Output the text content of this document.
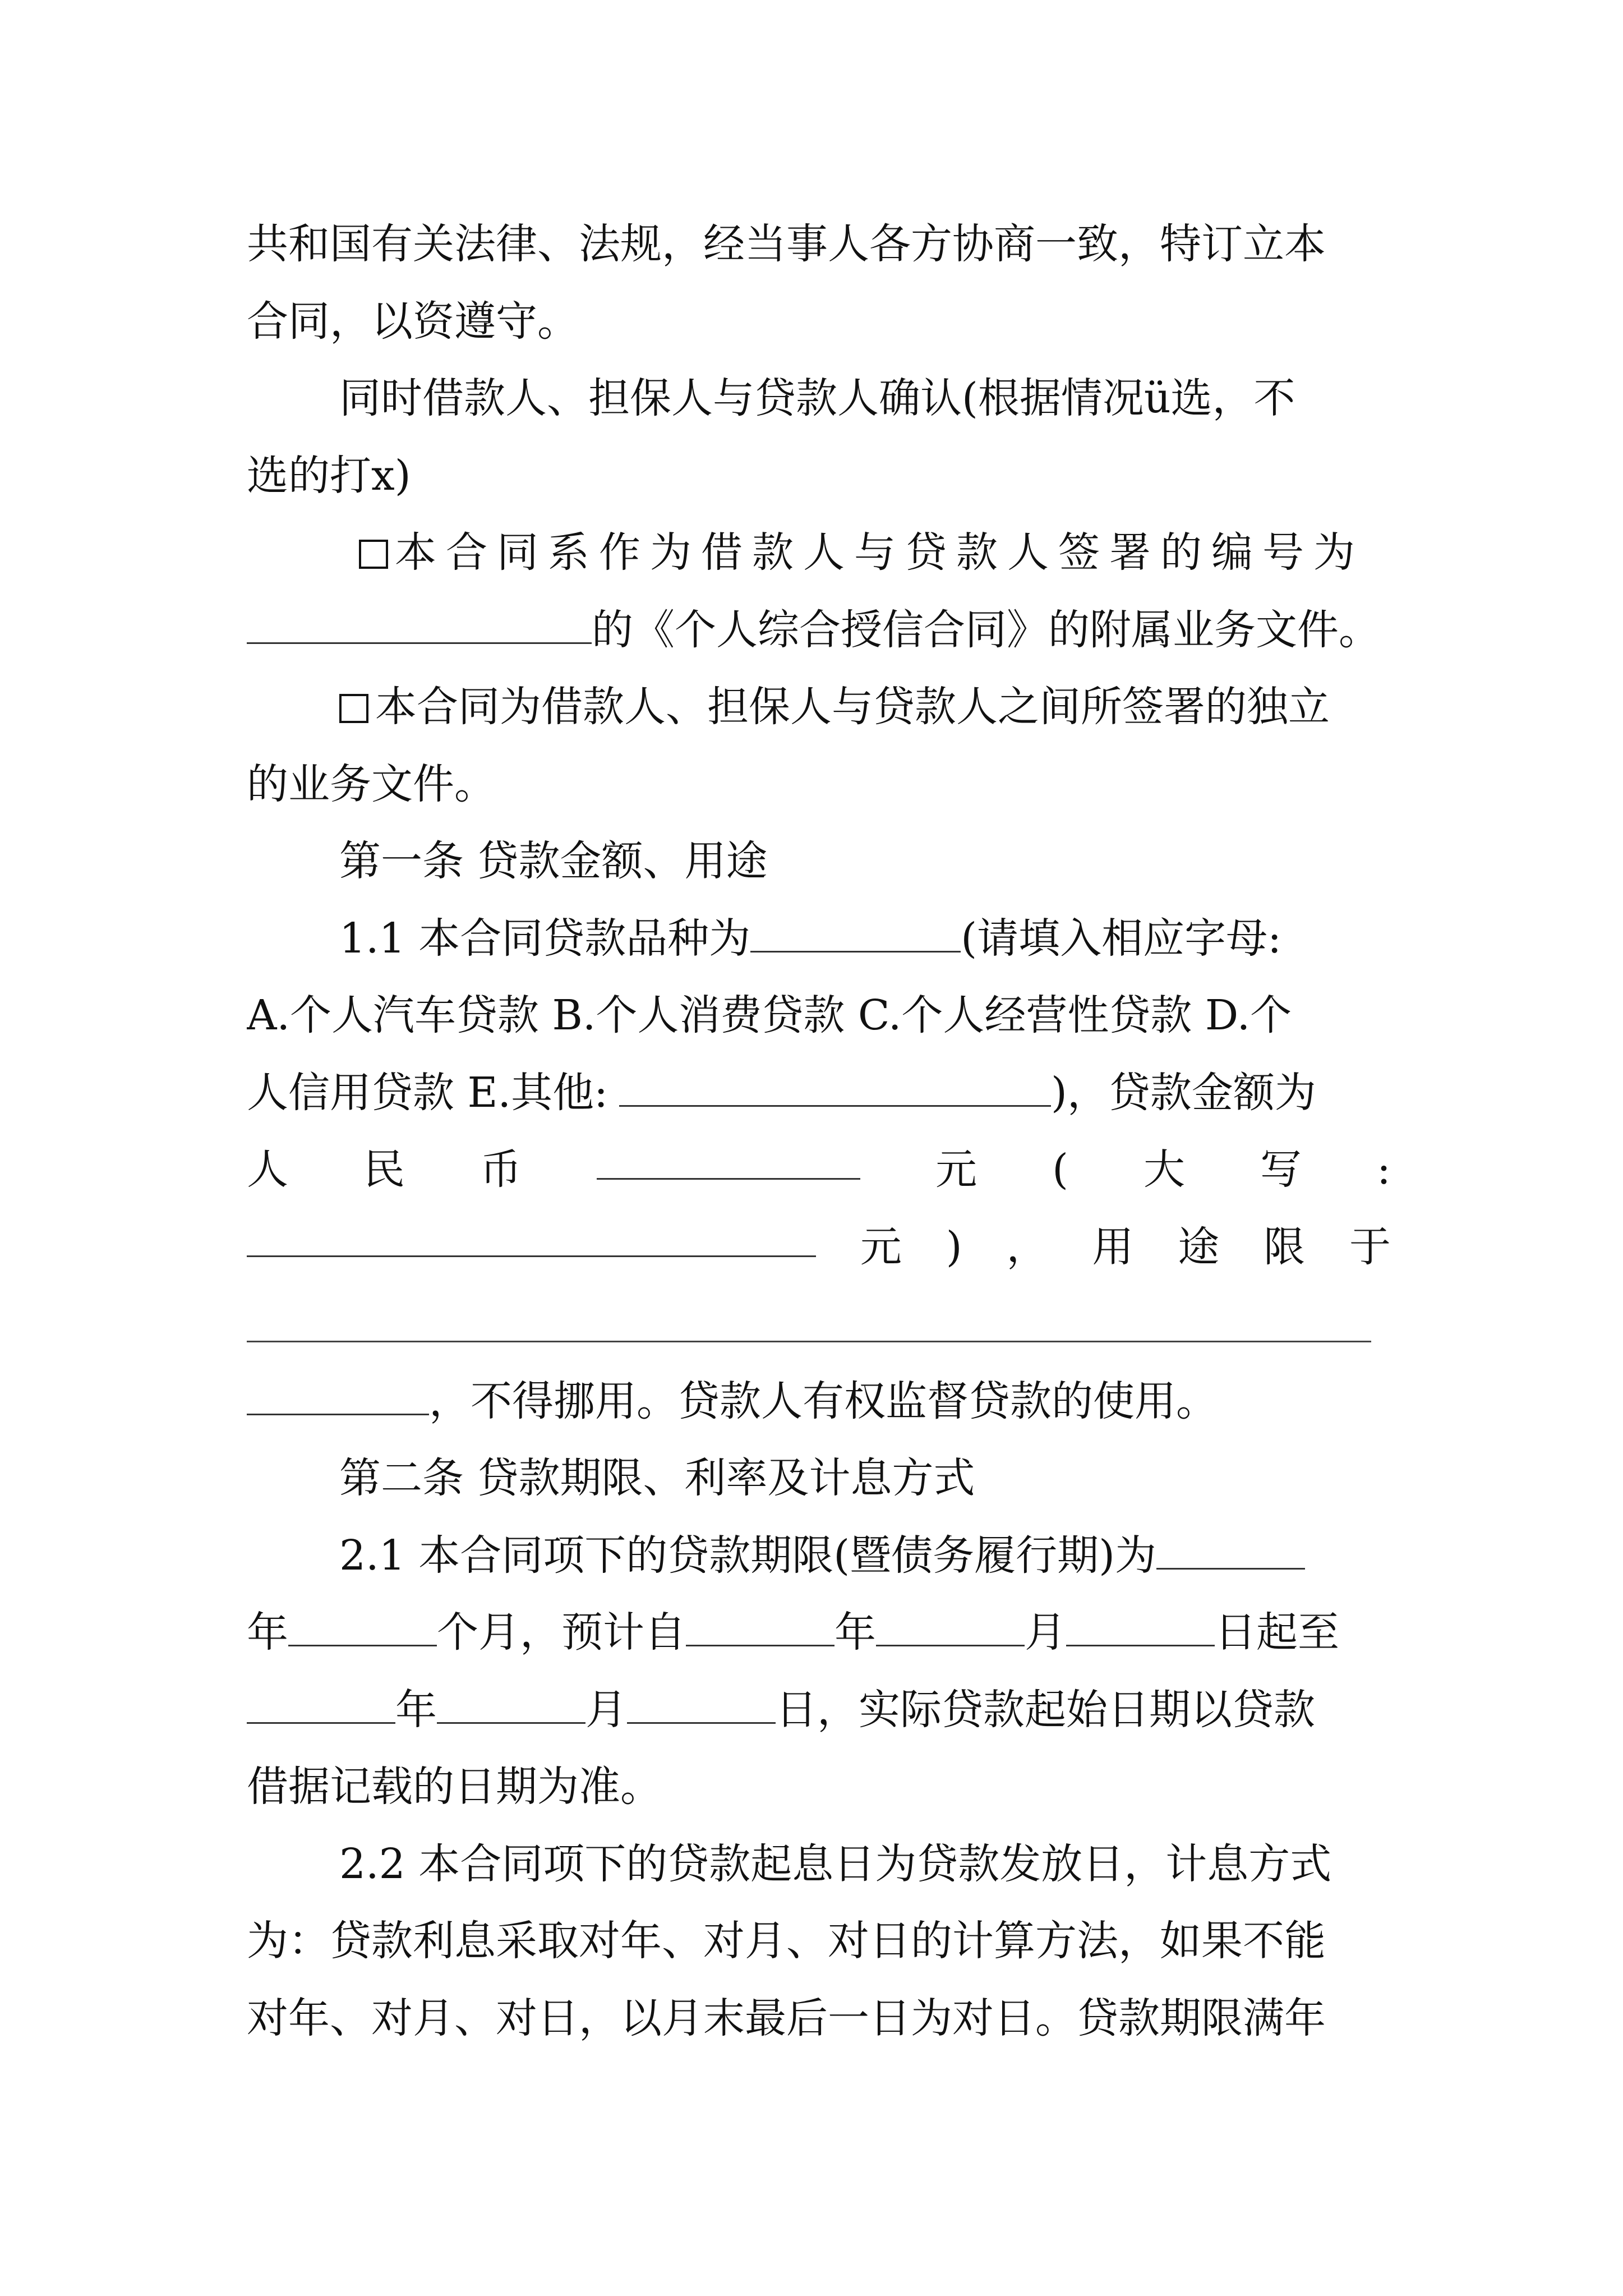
共和国有关法律、法规，经当事人各方协商一致，特订立本
合同，以资遵守。
同时借款人、担保人与贷款人确认(根据情况ü选，不
选的打x)
本合同系作为借款人与贷款人签署的编号为
的《个人综合授信合同》的附属业务文件。
本合同为借款人、担保人与贷款人之间所签署的独立
的业务文件。
第一条 贷款金额、用途
1.1 本合同贷款品种为	(请填入相应字母:
A.个人汽车贷款 B.个人消费贷款 C.个人经营性贷款 D.个
人信用贷款 E.其他:	)，贷款金额为
人 民 币	元 ( 大 写 :
元 ) ， 用 途 限 于
，不得挪用。贷款人有权监督贷款的使用。
第二条 贷款期限、利率及计息方式
2.1 本合同项下的贷款期限(暨债务履行期)为
年	个月，预计自	年	月	日起至
年	月	日，实际贷款起始日期以贷款
借据记载的日期为准。
2.2 本合同项下的贷款起息日为贷款发放日，计息方式
为：贷款利息采取对年、对月、对日的计算方法，如果不能
对年、对月、对日，以月末最后一日为对日。贷款期限满年
